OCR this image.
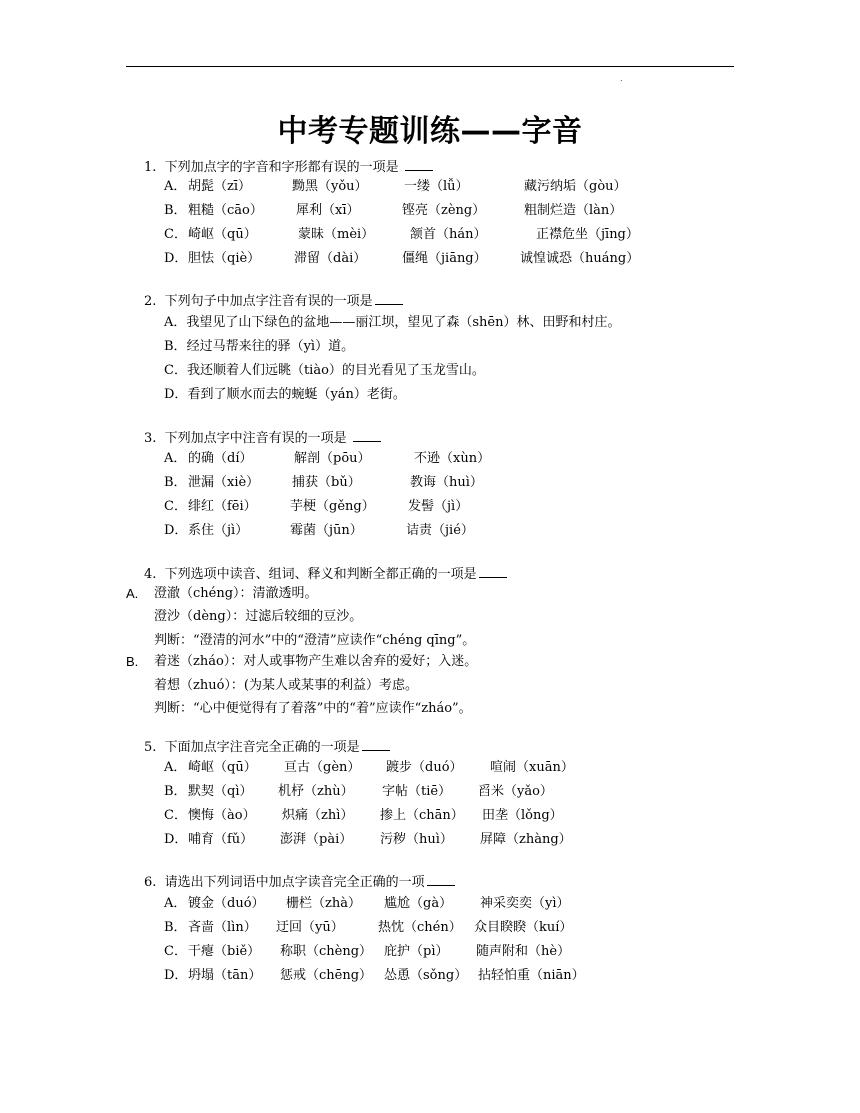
.
中考专题训练——字音
1. 下列加点字的字音和字形都有误的一项是
A． 胡髭（zī）	黝黑（yǒu）	一缕（lǚ）	藏污纳垢（gòu）
B． 粗糙（cāo）	犀利（xī）	铿亮（zèng）	粗制烂造（làn）
C． 崎岖（qū）	蒙昧（mèi）	颔首（hán）	正襟危坐（jīng）
D． 胆怯（qiè）	滞留（dài）	僵绳（jiāng）	诚惶诚恐（huáng）
2. 下列句子中加点字注音有误的一项是
A．我望见了山下绿色的盆地——丽江坝，望见了森（shēn）林、田野和村庄。
B．经过马帮来往的驿（yì）道。
C．我还顺着人们远眺（tiào）的目光看见了玉龙雪山。
D．看到了顺水而去的蜿蜒（yán）老街。
3. 下列加点字中注音有误的一项是
A． 的确（dí）	解剖（pōu）	不逊（xùn）
B． 泄漏（xiè）	捕获（bǔ）	教诲（huì）
C． 绯红（fēi）	芋梗（gěng）	发髻（jì）
D． 系住（jì）	霉菌（jūn）	诘责（jié）
4. 下列选项中读音、组词、释义和判断全都正确的一项是
A. 澄澈（chéng）：清澈透明。
澄沙（dèng）：过滤后较细的豆沙。
判断：“澄清的河水”中的“澄清”应读作“chéng qīng”。
B. 着迷（zháo）：对人或事物产生难以舍弃的爱好；入迷。
着想（zhuó）：(为某人或某事的利益）考虑。
判断：“心中便觉得有了着落”中的“着”应读作“zháo”。
5. 下面加点字注音完全正确的一项是
A． 崎岖（qū） 亘古（gèn） 踱步（duó） 喧闹（xuān）
B． 默契（qì） 机杼（zhù） 字帖（tiē） 舀米（yǎo）
C． 懊悔（ào） 炽痛（zhì） 掺上（chān） 田垄（lǒng）
D． 哺育（fǔ） 澎湃（pài） 污秽（huì） 屏障（zhàng）
6. 请选出下列词语中加点字读音完全正确的一项
A． 镀金（duó） 栅栏（zhà） 尴尬（gà） 神采奕奕（yì）
B． 吝啬（lìn） 迂回（yū）	热忱（chén） 众目睽睽（kuí）
C． 干瘪（biě） 称职（chèng） 庇护（pì） 随声附和（hè）
D． 坍塌（tān） 惩戒（chēng） 怂恿（sǒng） 拈轻怕重（niān）
